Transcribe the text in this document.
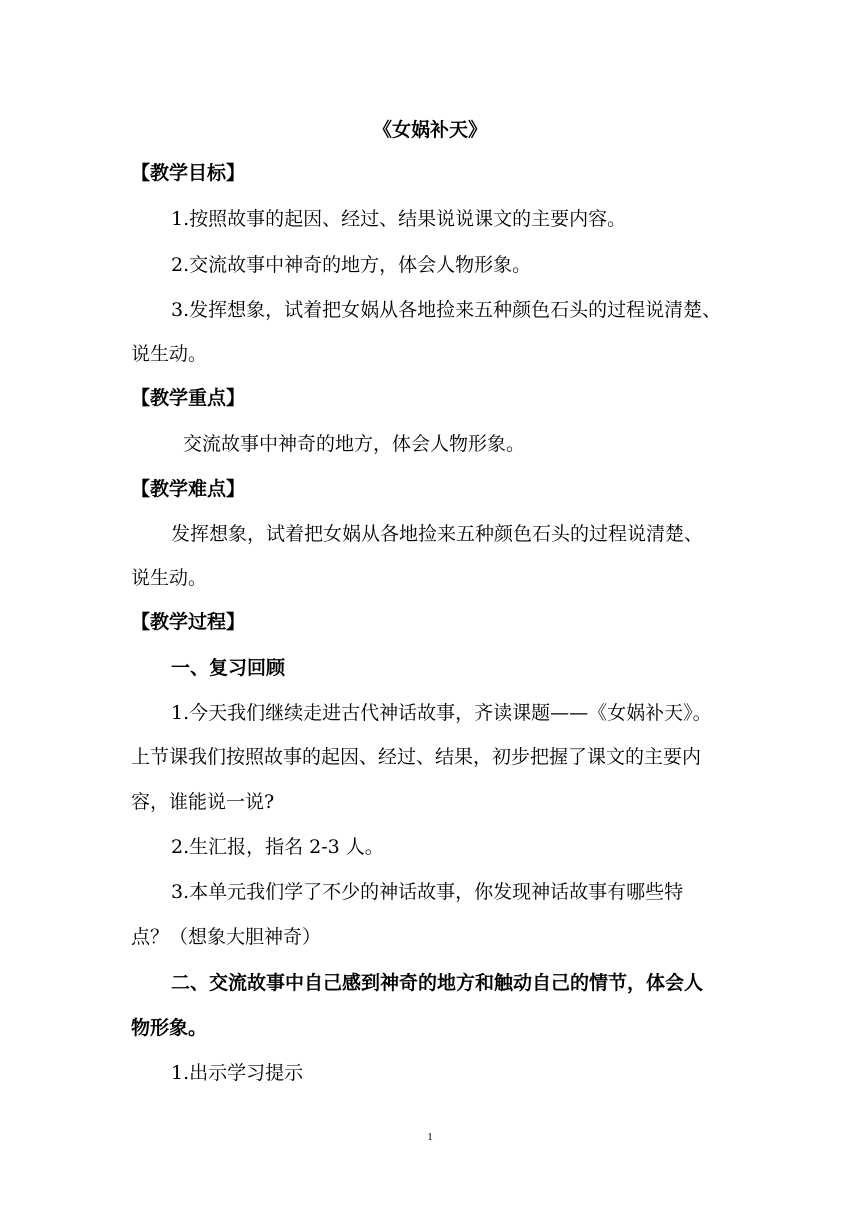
《女娲补天》
【教学目标】
1.按照故事的起因、经过、结果说说课文的主要内容。
2.交流故事中神奇的地方，体会人物形象。
3.发挥想象，试着把女娲从各地捡来五种颜色石头的过程说清楚、
说生动。
【教学重点】
交流故事中神奇的地方，体会人物形象。
【教学难点】
发挥想象，试着把女娲从各地捡来五种颜色石头的过程说清楚、
说生动。
【教学过程】
一、复习回顾
1.今天我们继续走进古代神话故事，齐读课题——《女娲补天》。
上节课我们按照故事的起因、经过、结果，初步把握了课文的主要内
容，谁能说一说?
2.生汇报，指名 2-3 人。
3.本单元我们学了不少的神话故事，你发现神话故事有哪些特
点？（想象大胆神奇）
二、交流故事中自己感到神奇的地方和触动自己的情节，体会人
物形象。
1.出示学习提示
1
